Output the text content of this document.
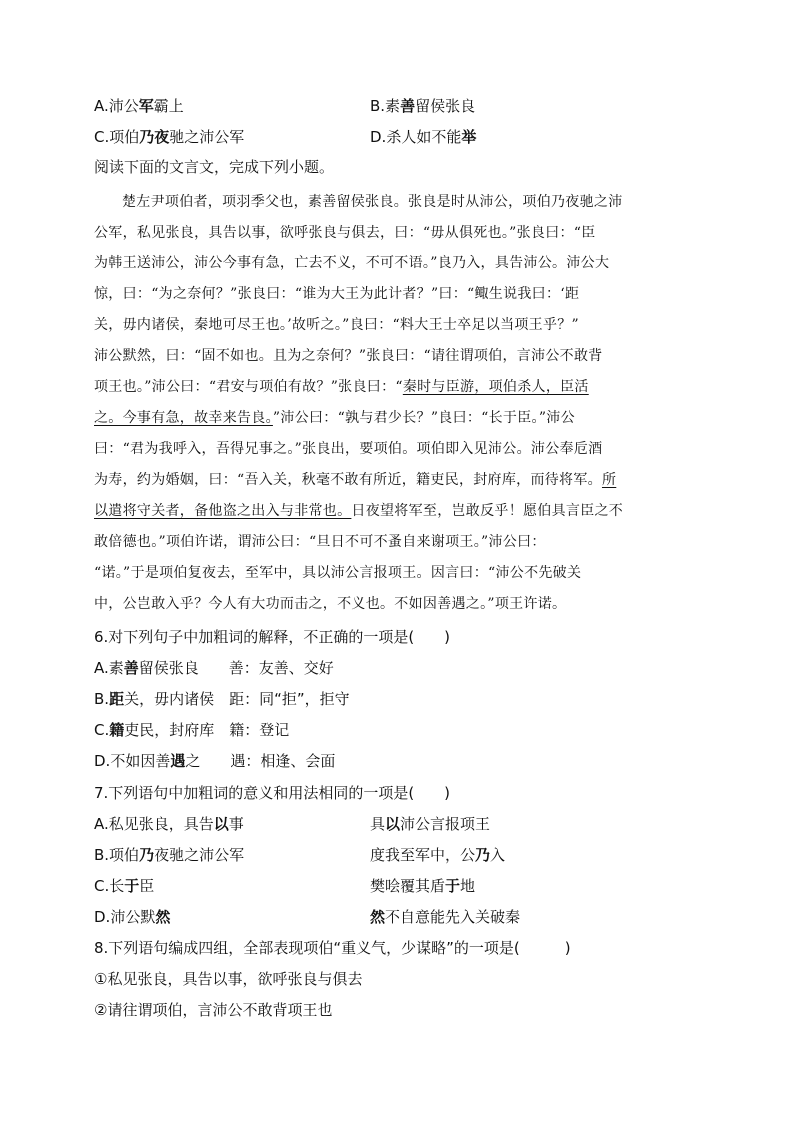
A.沛公军霸上	B.素善留侯张良
C.项伯乃夜驰之沛公军	D.杀人如不能举
阅读下面的文言文，完成下列小题。
楚左尹项伯者，项羽季父也，素善留侯张良。张良是时从沛公，项伯乃夜驰之沛
公军，私见张良，具告以事，欲呼张良与俱去，曰：“毋从俱死也。”张良曰：“臣
为韩王送沛公，沛公今事有急，亡去不义，不可不语。”良乃入，具告沛公。沛公大
惊，曰：“为之奈何？”张良曰：“谁为大王为此计者？”曰：“鲰生说我曰：‘距
关，毋内诸侯，秦地可尽王也。’故听之。”良曰：“料大王士卒足以当项王乎？”
沛公默然，曰：“固不如也。且为之奈何？”张良曰：“请往谓项伯，言沛公不敢背
项王也。”沛公曰：“君安与项伯有故？”张良曰：“秦时与臣游，项伯杀人，臣活
之。今事有急，故幸来告良。”沛公曰：“孰与君少长？”良曰：“长于臣。”沛公
曰：“君为我呼入，吾得兄事之。”张良出，要项伯。项伯即入见沛公。沛公奉卮酒
为寿，约为婚姻，曰：“吾入关，秋毫不敢有所近，籍吏民，封府库，而待将军。所
以遣将守关者，备他盗之出入与非常也。日夜望将军至，岂敢反乎！愿伯具言臣之不
敢倍德也。”项伯许诺，谓沛公曰：“旦日不可不蚤自来谢项王。”沛公曰：
“诺。”于是项伯复夜去，至军中，具以沛公言报项王。因言曰：“沛公不先破关
中，公岂敢入乎？今人有大功而击之，不义也。不如因善遇之。”项王许诺。
6.对下列句子中加粗词的解释，不正确的一项是(　　)
A.素善留侯张良　　善：友善、交好
B.距关，毋内诸侯　距：同“拒”，拒守
C.籍吏民，封府库　籍：登记
D.不如因善遇之　　遇：相逢、会面
7.下列语句中加粗词的意义和用法相同的一项是(　　)
A.私见张良，具告以事	具以沛公言报项王
B.项伯乃夜驰之沛公军	度我至军中，公乃入
C.长于臣	樊哙覆其盾于地
D.沛公默然	然不自意能先入关破秦
8.下列语句编成四组，全部表现项伯“重义气，少谋略”的一项是(　　　)
①私见张良，具告以事，欲呼张良与俱去
②请往谓项伯，言沛公不敢背项王也
